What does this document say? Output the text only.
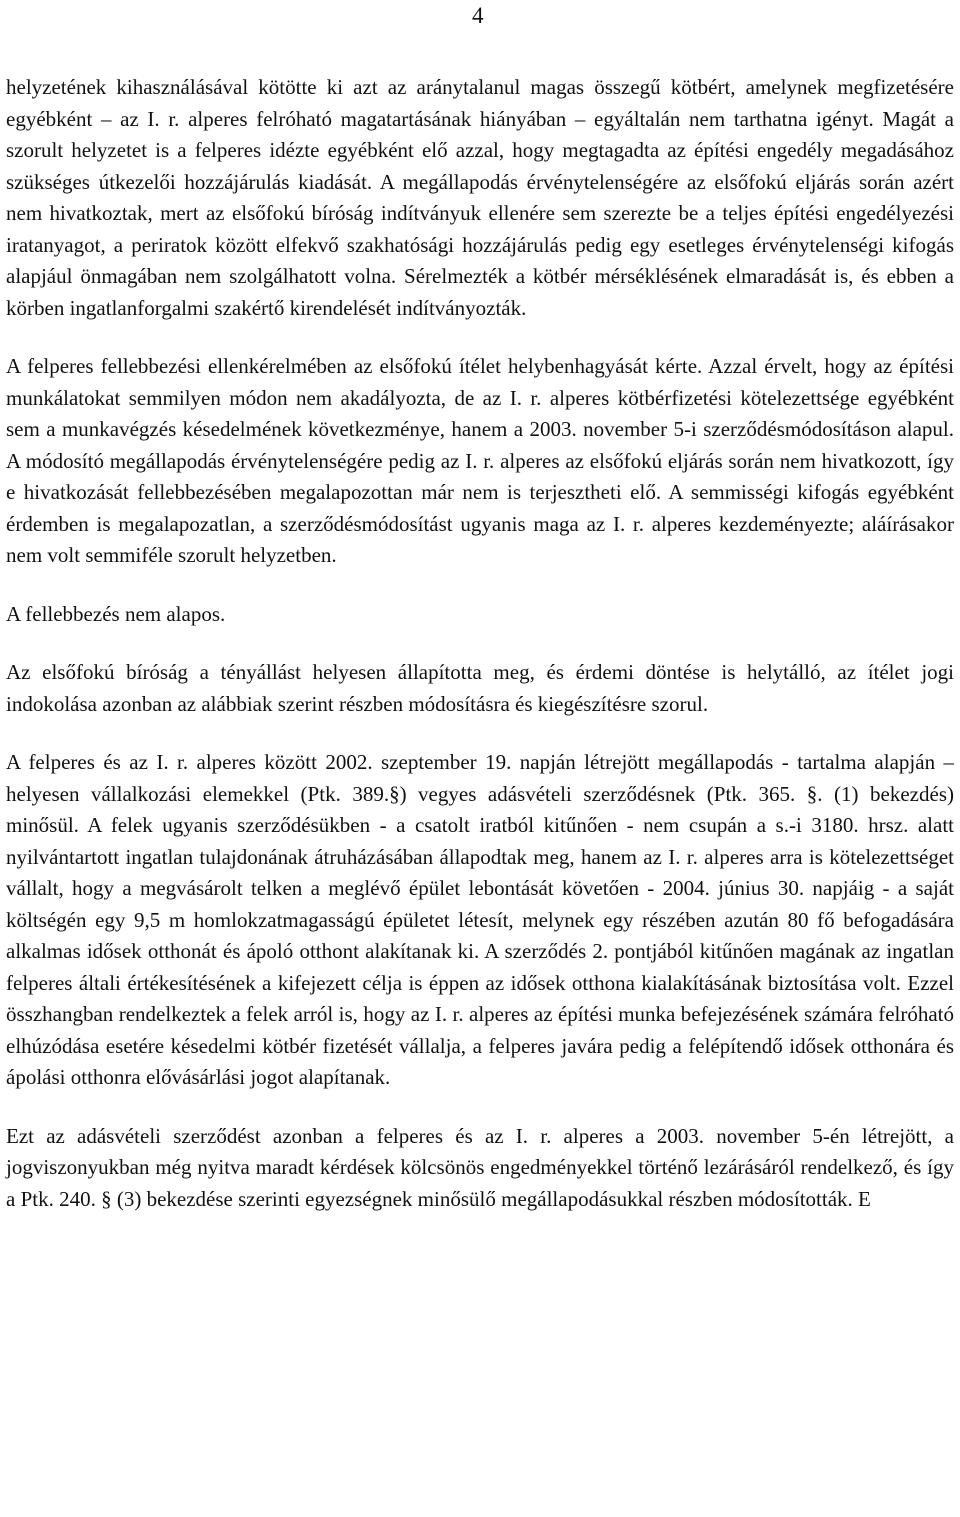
4

helyzetének kihasználásával kötötte ki azt az aránytalanul magas összegű kötbért, amelynek megfizetésére egyébként – az I. r. alperes felróható magatartásának hiányában – egyáltalán nem tarthatna igényt. Magát a szorult helyzetet is a felperes idézte egyébként elő azzal, hogy megtagadta az építési engedély megadásához szükséges útkezelői hozzájárulás kiadását. A megállapodás érvénytelenségére az elsőfokú eljárás során azért nem hivatkoztak, mert az elsőfokú bíróság indítványuk ellenére sem szerezte be a teljes építési engedélyezési iratanyagot, a periratok között elfekvő szakhatósági hozzájárulás pedig egy esetleges érvénytelenségi kifogás alapjául önmagában nem szolgálhatott volna. Sérelmezték a kötbér mérséklésének elmaradását is, és ebben a körben ingatlanforgalmi szakértő kirendelését indítványozták.

A felperes fellebbezési ellenkérelmében az elsőfokú ítélet helybenhagyását kérte. Azzal érvelt, hogy az építési munkálatokat semmilyen módon nem akadályozta, de az I. r. alperes kötbérfizetési kötelezettsége egyébként sem a munkavégzés késedelmének következménye, hanem a 2003. november 5-i szerződésmódosításon alapul. A módosító megállapodás érvénytelenségére pedig az I. r. alperes az elsőfokú eljárás során nem hivatkozott, így e hivatkozását fellebbezésében megalapozottan már nem is terjesztheti elő. A semmisségi kifogás egyébként érdemben is megalapozatlan, a szerződésmódosítást ugyanis maga az I. r. alperes kezdeményezte; aláírásakor nem volt semmiféle szorult helyzetben.

A fellebbezés nem alapos.

Az elsőfokú bíróság a tényállást helyesen állapította meg, és érdemi döntése is helytálló, az ítélet jogi indokolása azonban az alábbiak szerint részben módosításra és kiegészítésre szorul.

A felperes és az I. r. alperes között 2002. szeptember 19. napján létrejött megállapodás - tartalma alapján – helyesen vállalkozási elemekkel (Ptk. 389.§) vegyes adásvételi szerződésnek (Ptk. 365. §. (1) bekezdés) minősül. A felek ugyanis szerződésükben - a csatolt iratból kitűnően - nem csupán a s.-i 3180. hrsz. alatt nyilvántartott ingatlan tulajdonának átruházásában állapodtak meg, hanem az I. r. alperes arra is kötelezettséget vállalt, hogy a megvásárolt telken a meglévő épület lebontását követően - 2004. június 30. napjáig - a saját költségén egy 9,5 m homlokzatmagasságú épületet létesít, melynek egy részében azután 80 fő befogadására alkalmas idősek otthonát és ápoló otthont alakítanak ki. A szerződés 2. pontjából kitűnően magának az ingatlan felperes általi értékesítésének a kifejezett célja is éppen az idősek otthona kialakításának biztosítása volt. Ezzel összhangban rendelkeztek a felek arról is, hogy az I. r. alperes az építési munka befejezésének számára felróható elhúzódása esetére késedelmi kötbér fizetését vállalja, a felperes javára pedig a felépítendő idősek otthonára és ápolási otthonra elővásárlási jogot alapítanak.

Ezt az adásvételi szerződést azonban a felperes és az I. r. alperes a 2003. november 5-én létrejött, a jogviszonyukban még nyitva maradt kérdések kölcsönös engedményekkel történő lezárásáról rendelkező, és így a Ptk. 240. § (3) bekezdése szerinti egyezségnek minősülő megállapodásukkal részben módosították. E
